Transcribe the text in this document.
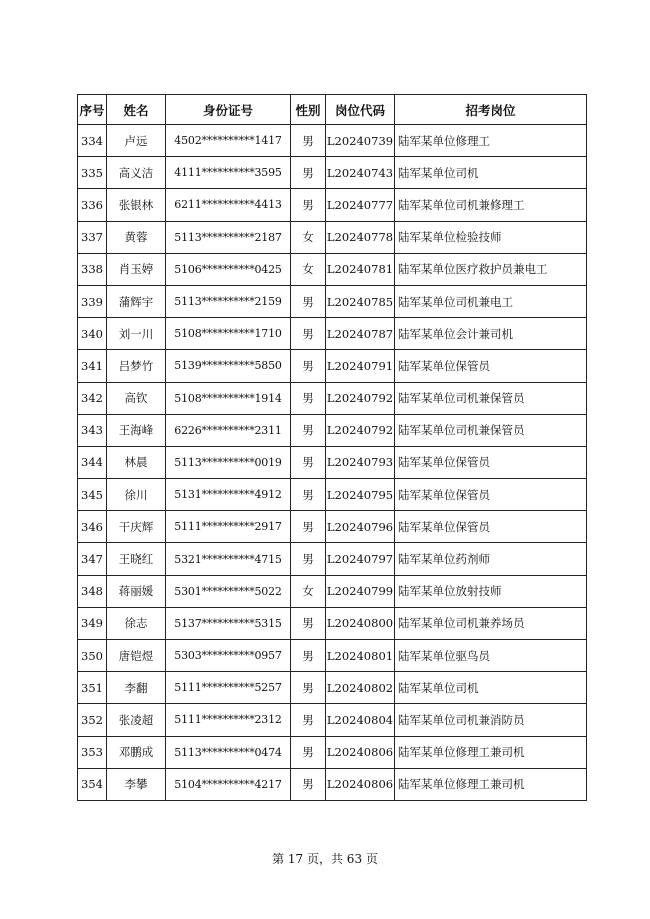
序号	姓名	身份证号	性别	岗位代码	招考岗位
334	卢远	4502**********1417	男	L20240739	陆军某单位修理工
335	高义洁	4111**********3595	男	L20240743	陆军某单位司机
336	张银林	6211**********4413	男	L20240777	陆军某单位司机兼修理工
337	黄蓉	5113**********2187	女	L20240778	陆军某单位检验技师
338	肖玉婷	5106**********0425	女	L20240781	陆军某单位医疗救护员兼电工
339	蒲辉宇	5113**********2159	男	L20240785	陆军某单位司机兼电工
340	刘一川	5108**********1710	男	L20240787	陆军某单位会计兼司机
341	吕梦竹	5139**********5850	男	L20240791	陆军某单位保管员
342	高钦	5108**********1914	男	L20240792	陆军某单位司机兼保管员
343	王海峰	6226**********2311	男	L20240792	陆军某单位司机兼保管员
344	林晨	5113**********0019	男	L20240793	陆军某单位保管员
345	徐川	5131**********4912	男	L20240795	陆军某单位保管员
346	干庆辉	5111**********2917	男	L20240796	陆军某单位保管员
347	王晓红	5321**********4715	男	L20240797	陆军某单位药剂师
348	蒋丽媛	5301**********5022	女	L20240799	陆军某单位放射技师
349	徐志	5137**********5315	男	L20240800	陆军某单位司机兼养场员
350	唐铠煜	5303**********0957	男	L20240801	陆军某单位驱鸟员
351	李翻	5111**********5257	男	L20240802	陆军某单位司机
352	张凌超	5111**********2312	男	L20240804	陆军某单位司机兼消防员
353	邓鹏成	5113**********0474	男	L20240806	陆军某单位修理工兼司机
354	李攀	5104**********4217	男	L20240806	陆军某单位修理工兼司机
第 17 页，共 63 页
